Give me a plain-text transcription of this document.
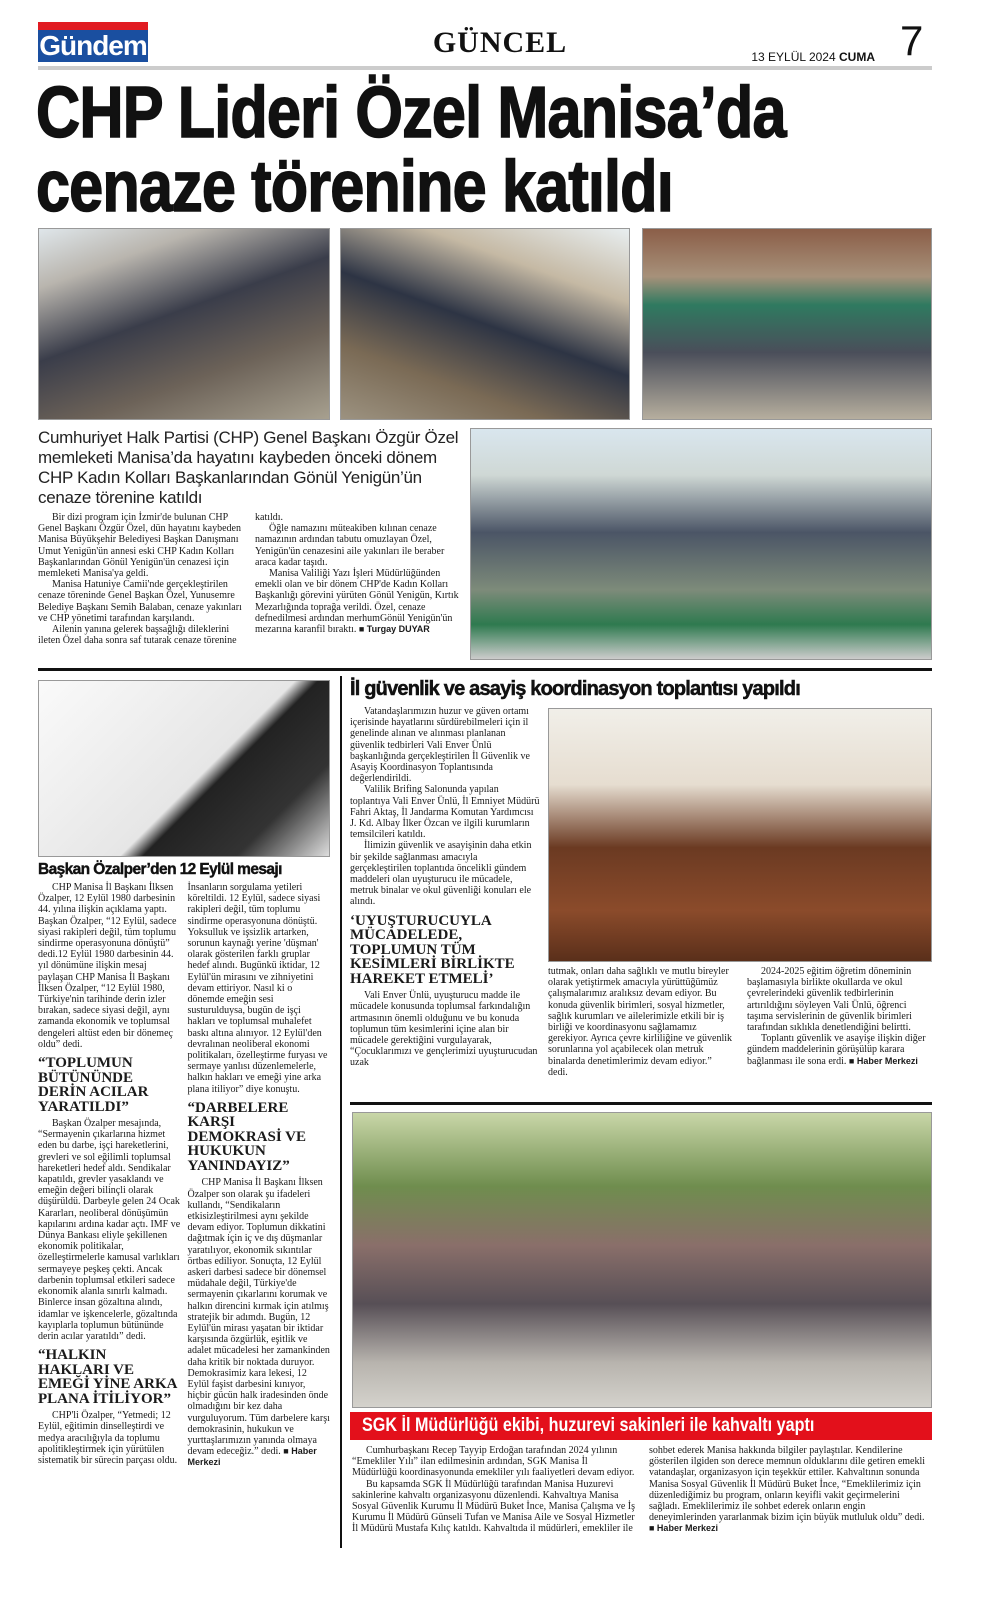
Manisa'da
Gündem	GÜNCEL	13 EYLÜL 2024 CUMA 7
CHP Lideri Özel Manisa’da
cenaze törenine katıldı
Cumhuriyet Halk Partisi (CHP) Genel Başkanı Özgür Özel memleketi Manisa’da hayatını kaybeden önceki dönem CHP Kadın Kolları Başkanlarından Gönül Yenigün’ün cenaze törenine katıldı

Bir dizi program için İzmir'de bulunan CHP Genel Başkanı Özgür Özel, dün hayatını kaybeden Manisa Büyükşehir Belediyesi Başkan Danışmanı Umut Yenigün'ün annesi eski CHP Kadın Kolları Başkanlarından Gönül Yenigün'ün cenazesi için memleketi Manisa'ya geldi.

Manisa Hatuniye Camii'nde gerçekleştirilen cenaze töreninde Genel Başkan Özel, Yunusemre Belediye Başkanı Semih Balaban, cenaze yakınları ve CHP yönetimi tarafından karşılandı.

Ailenin yanına gelerek başsağlığı dileklerini ileten Özel daha sonra saf tutarak cenaze törenine katıldı.

Öğle namazını müteakiben kılınan cenaze namazının ardından tabutu omuzlayan Özel, Yenigün'ün cenazesini aile yakınları ile beraber araca kadar taşıdı.

Manisa Valiliği Yazı İşleri Müdürlüğünden emekli olan ve bir dönem CHP'de Kadın Kolları Başkanlığı görevini yürüten Gönül Yenigün, Kırtık Mezarlığında toprağa verildi. Özel, cenaze defnedilmesi ardından merhumGönül Yenigün'ün mezarına karanfil bıraktı. ■ Turgay DUYAR

Başkan Özalper’den 12 Eylül mesajı

CHP Manisa İl Başkanı İlksen Özalper, 12 Eylül 1980 darbesinin 44. yılına ilişkin açıklama yaptı. Başkan Özalper, “12 Eylül, sadece siyasi rakipleri değil, tüm toplumu sindirme operasyonuna dönüştü” dedi.12 Eylül 1980 darbesinin 44. yıl dönümüne ilişkin mesaj paylaşan CHP Manisa İl Başkanı İlksen Özalper, “12 Eylül 1980, Türkiye'nin tarihinde derin izler bırakan, sadece siyasi değil, aynı zamanda ekonomik ve toplumsal dengeleri altüst eden bir dönemeç oldu” dedi.

“TOPLUMUN BÜTÜNÜNDE DERİN ACILAR YARATILDI”

Başkan Özalper mesajında, “Sermayenin çıkarlarına hizmet eden bu darbe, işçi hareketlerini, grevleri ve sol eğilimli toplumsal hareketleri hedef aldı. Sendikalar kapatıldı, grevler yasaklandı ve emeğin değeri bilinçli olarak düşürüldü. Darbeyle gelen 24 Ocak Kararları, neoliberal dönüşümün kapılarını ardına kadar açtı. IMF ve Dünya Bankası eliyle şekillenen ekonomik politikalar, özelleştirmelerle kamusal varlıkları sermayeye peşkeş çekti. Ancak darbenin toplumsal etkileri sadece ekonomik alanla sınırlı kalmadı. Binlerce insan gözaltına alındı, idamlar ve işkencelerle, gözaltında kayıplarla toplumun bütününde derin acılar yaratıldı” dedi.

“HALKIN HAKLARI VE EMEĞİ YİNE ARKA PLANA İTİLİYOR”

CHP'li Özalper, “Yetmedi; 12 Eylül, eğitimin dinselleştirdi ve medya aracılığıyla da toplumu apolitikleştirmek için yürütülen sistematik bir sürecin parçası oldu. İnsanların sorgulama yetileri köreltildi. 12 Eylül, sadece siyasi rakipleri değil, tüm toplumu sindirme operasyonuna dönüştü. Yoksulluk ve işsizlik artarken, sorunun kaynağı yerine 'düşman' olarak gösterilen farklı gruplar hedef alındı. Bugünkü iktidar, 12 Eylül'ün mirasını ve zihniyetini devam ettiriyor. Nasıl ki o dönemde emeğin sesi susturulduysa, bugün de işçi hakları ve toplumsal muhalefet baskı altına alınıyor. 12 Eylül'den devralınan neoliberal ekonomi politikaları, özelleştirme furyası ve sermaye yanlısı düzenlemelerle, halkın hakları ve emeği yine arka plana itiliyor” diye konuştu.

“DARBELERE KARŞI DEMOKRASİ VE HUKUKUN YANINDAYIZ”

CHP Manisa İl Başkanı İlksen Özalper son olarak şu ifadeleri kullandı, “Sendikaların etkisizleştirilmesi aynı şekilde devam ediyor. Toplumun dikkatini dağıtmak için iç ve dış düşmanlar yaratılıyor, ekonomik sıkıntılar örtbas ediliyor. Sonuçta, 12 Eylül askeri darbesi sadece bir dönemsel müdahale değil, Türkiye'de sermayenin çıkarlarını korumak ve halkın direncini kırmak için atılmış stratejik bir adımdı. Bugün, 12 Eylül'ün mirası yaşatan bir iktidar karşısında özgürlük, eşitlik ve adalet mücadelesi her zamankinden daha kritik bir noktada duruyor. Demokrasimiz kara lekesi, 12 Eylül faşist darbesini kınıyor, hiçbir gücün halk iradesinden önde olmadığını bir kez daha vurguluyorum. Tüm darbelere karşı demokrasinin, hukukun ve yurttaşlarımızın yanında olmaya devam edeceğiz.” dedi. ■ Haber Merkezi

İl güvenlik ve asayiş koordinasyon toplantısı yapıldı

Vatandaşlarımızın huzur ve güven ortamı içerisinde hayatlarını sürdürebilmeleri için il genelinde alınan ve alınması planlanan güvenlik tedbirleri Vali Enver Ünlü başkanlığında gerçekleştirilen İl Güvenlik ve Asayiş Koordinasyon Toplantısında değerlendirildi.

Valilik Brifing Salonunda yapılan toplantıya Vali Enver Ünlü, İl Emniyet Müdürü Fahri Aktaş, İl Jandarma Komutan Yardımcısı J. Kd. Albay İlker Özcan ve ilgili kurumların temsilcileri katıldı.

İlimizin güvenlik ve asayişinin daha etkin bir şekilde sağlanması amacıyla gerçekleştirilen toplantıda öncelikli gündem maddeleri olan uyuşturucu ile mücadele, metruk binalar ve okul güvenliği konuları ele alındı.

‘UYUŞTURUCUYLA MÜCADELEDE, TOPLUMUN TÜM KESİMLERİ BİRLİKTE HAREKET ETMELİ’

Vali Enver Ünlü, uyuşturucu madde ile mücadele konusunda toplumsal farkındalığın artmasının önemli olduğunu ve bu konuda toplumun tüm kesimlerini içine alan bir mücadele gerektiğini vurgulayarak, “Çocuklarımızı ve gençlerimizi uyuşturucudan uzak

tutmak, onları daha sağlıklı ve mutlu bireyler olarak yetiştirmek amacıyla yürüttüğümüz çalışmalarımız aralıksız devam ediyor. Bu konuda güvenlik birimleri, sosyal hizmetler, sağlık kurumları ve ailelerimizle etkili bir iş birliği ve koordinasyonu sağlamamız gerekiyor. Ayrıca çevre kirliliğine ve güvenlik sorunlarına yol açabilecek olan metruk binalarda denetimlerimiz devam ediyor.” dedi.

2024-2025 eğitim öğretim döneminin başlamasıyla birlikte okullarda ve okul çevrelerindeki güvenlik tedbirlerinin artırıldığını söyleyen Vali Ünlü, öğrenci taşıma servislerinin de güvenlik birimleri tarafından sıklıkla denetlendiğini belirtti.

Toplantı güvenlik ve asayişe ilişkin diğer gündem maddelerinin görüşülüp karara bağlanması ile sona erdi. ■ Haber Merkezi

SGK İl Müdürlüğü ekibi, huzurevi sakinleri ile kahvaltı yaptı

Cumhurbaşkanı Recep Tayyip Erdoğan tarafından 2024 yılının “Emekliler Yılı” ilan edilmesinin ardından, SGK Manisa İl Müdürlüğü koordinasyonunda emekliler yılı faaliyetleri devam ediyor.

Bu kapsamda SGK İl Müdürlüğü tarafından Manisa Huzurevi sakinlerine kahvaltı organizasyonu düzenlendi. Kahvaltıya Manisa Sosyal Güvenlik Kurumu İl Müdürü Buket İnce, Manisa Çalışma ve İş Kurumu İl Müdürü Günseli Tufan ve Manisa Aile ve Sosyal Hizmetler İl Müdürü Mustafa Kılıç katıldı. Kahvaltıda il müdürleri, emekliler ile sohbet ederek Manisa hakkında bilgiler paylaştılar. Kendilerine gösterilen ilgiden son derece memnun olduklarını dile getiren emekli vatandaşlar, organizasyon için teşekkür ettiler. Kahvaltının sonunda Manisa Sosyal Güvenlik İl Müdürü Buket İnce, “Emeklilerimiz için düzenlediğimiz bu program, onların keyifli vakit geçirmelerini sağladı. Emeklilerimiz ile sohbet ederek onların engin deneyimlerinden yararlanmak bizim için büyük mutluluk oldu” dedi. ■ Haber Merkezi
